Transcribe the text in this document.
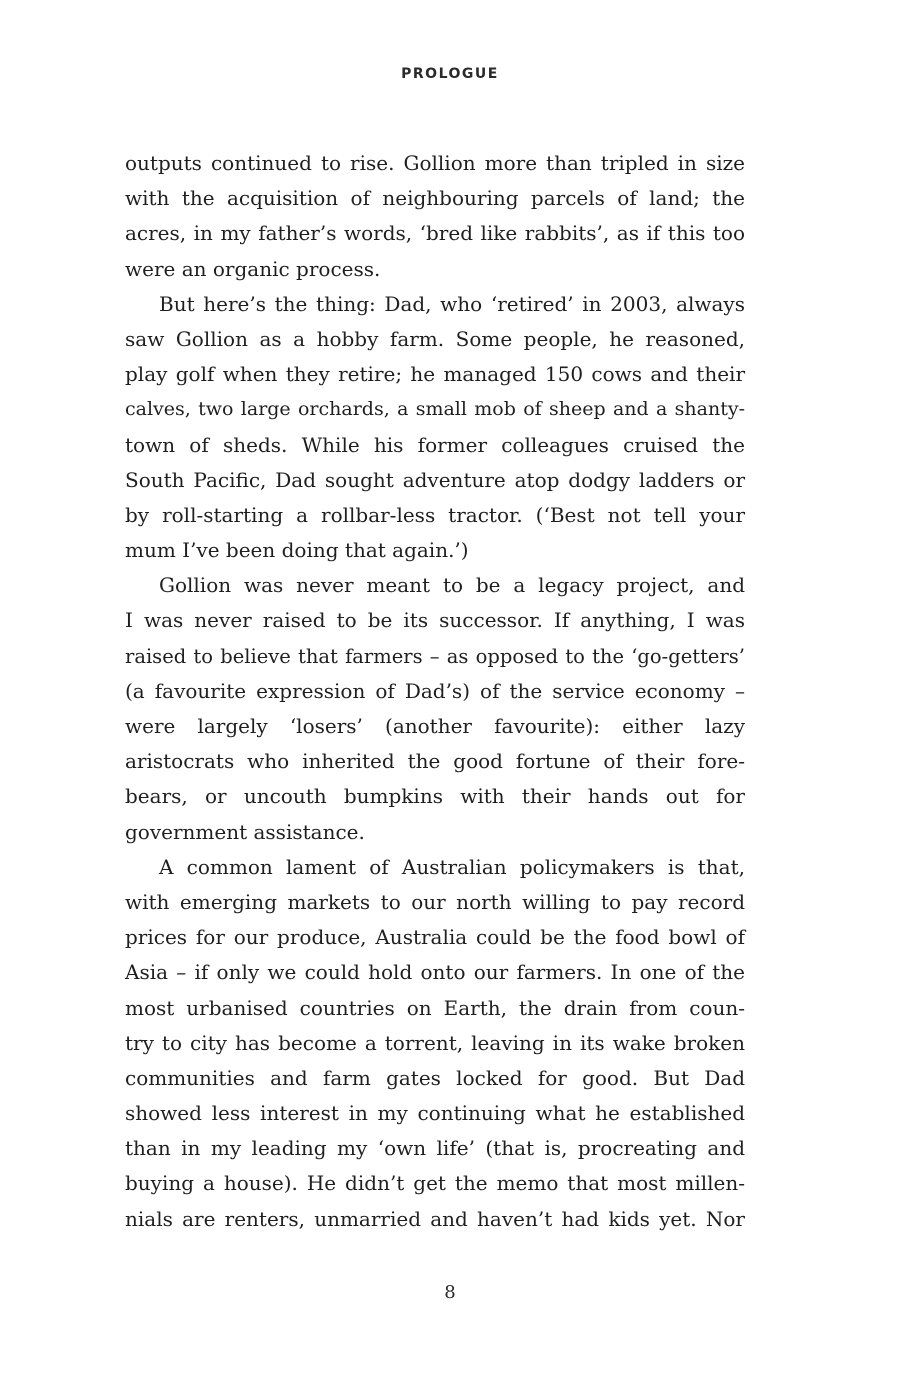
PROLOGUE
outputs continued to rise. Gollion more than tripled in size
with the acquisition of neighbouring parcels of land; the
acres, in my father’s words, ‘bred like rabbits’, as if this too
were an organic process.
But here’s the thing: Dad, who ‘retired’ in 2003, always
saw Gollion as a hobby farm. Some people, he reasoned,
play golf when they retire; he managed 150 cows and their
calves, two large orchards, a small mob of sheep and a shanty-
town of sheds. While his former colleagues cruised the
South Pacific, Dad sought adventure atop dodgy ladders or
by roll-starting a rollbar-less tractor. (‘Best not tell your
mum I’ve been doing that again.’)
Gollion was never meant to be a legacy project, and
I was never raised to be its successor. If anything, I was
raised to believe that farmers – as opposed to the ‘go-getters’
(a favourite expression of Dad’s) of the service economy –
were largely ‘losers’ (another favourite): either lazy
aristocrats who inherited the good fortune of their fore-
bears, or uncouth bumpkins with their hands out for
government assistance.
A common lament of Australian policymakers is that,
with emerging markets to our north willing to pay record
prices for our produce, Australia could be the food bowl of
Asia – if only we could hold onto our farmers. In one of the
most urbanised countries on Earth, the drain from coun-
try to city has become a torrent, leaving in its wake broken
communities and farm gates locked for good. But Dad
showed less interest in my continuing what he established
than in my leading my ‘own life’ (that is, procreating and
buying a house). He didn’t get the memo that most millen-
nials are renters, unmarried and haven’t had kids yet. Nor
8
